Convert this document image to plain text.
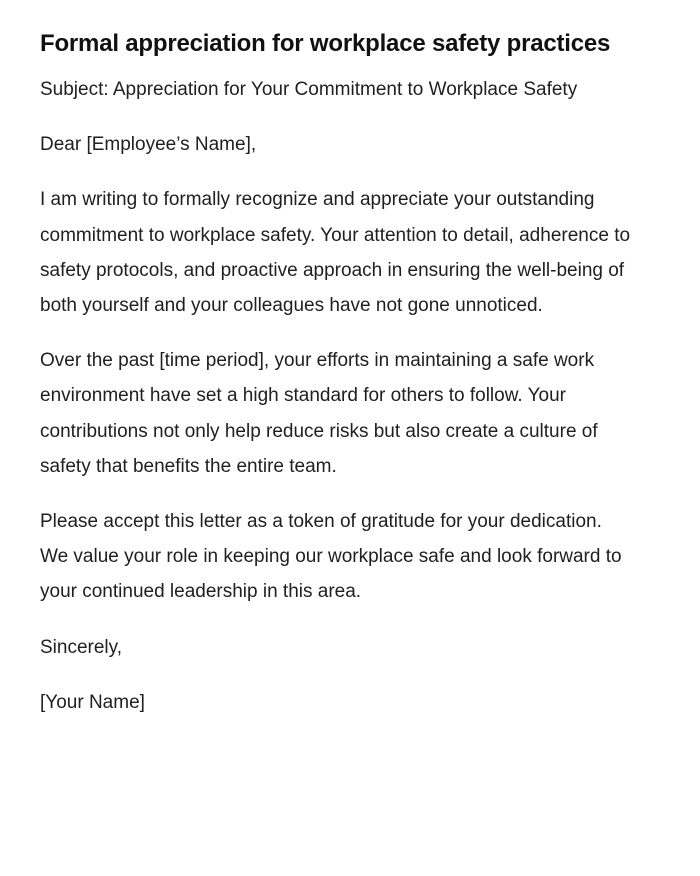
Formal appreciation for workplace safety practices

Subject: Appreciation for Your Commitment to Workplace Safety

Dear [Employee’s Name],

I am writing to formally recognize and appreciate your outstanding commitment to workplace safety. Your attention to detail, adherence to safety protocols, and proactive approach in ensuring the well-being of both yourself and your colleagues have not gone unnoticed.

Over the past [time period], your efforts in maintaining a safe work environment have set a high standard for others to follow. Your contributions not only help reduce risks but also create a culture of safety that benefits the entire team.

Please accept this letter as a token of gratitude for your dedication. We value your role in keeping our workplace safe and look forward to your continued leadership in this area.

Sincerely,

[Your Name]
